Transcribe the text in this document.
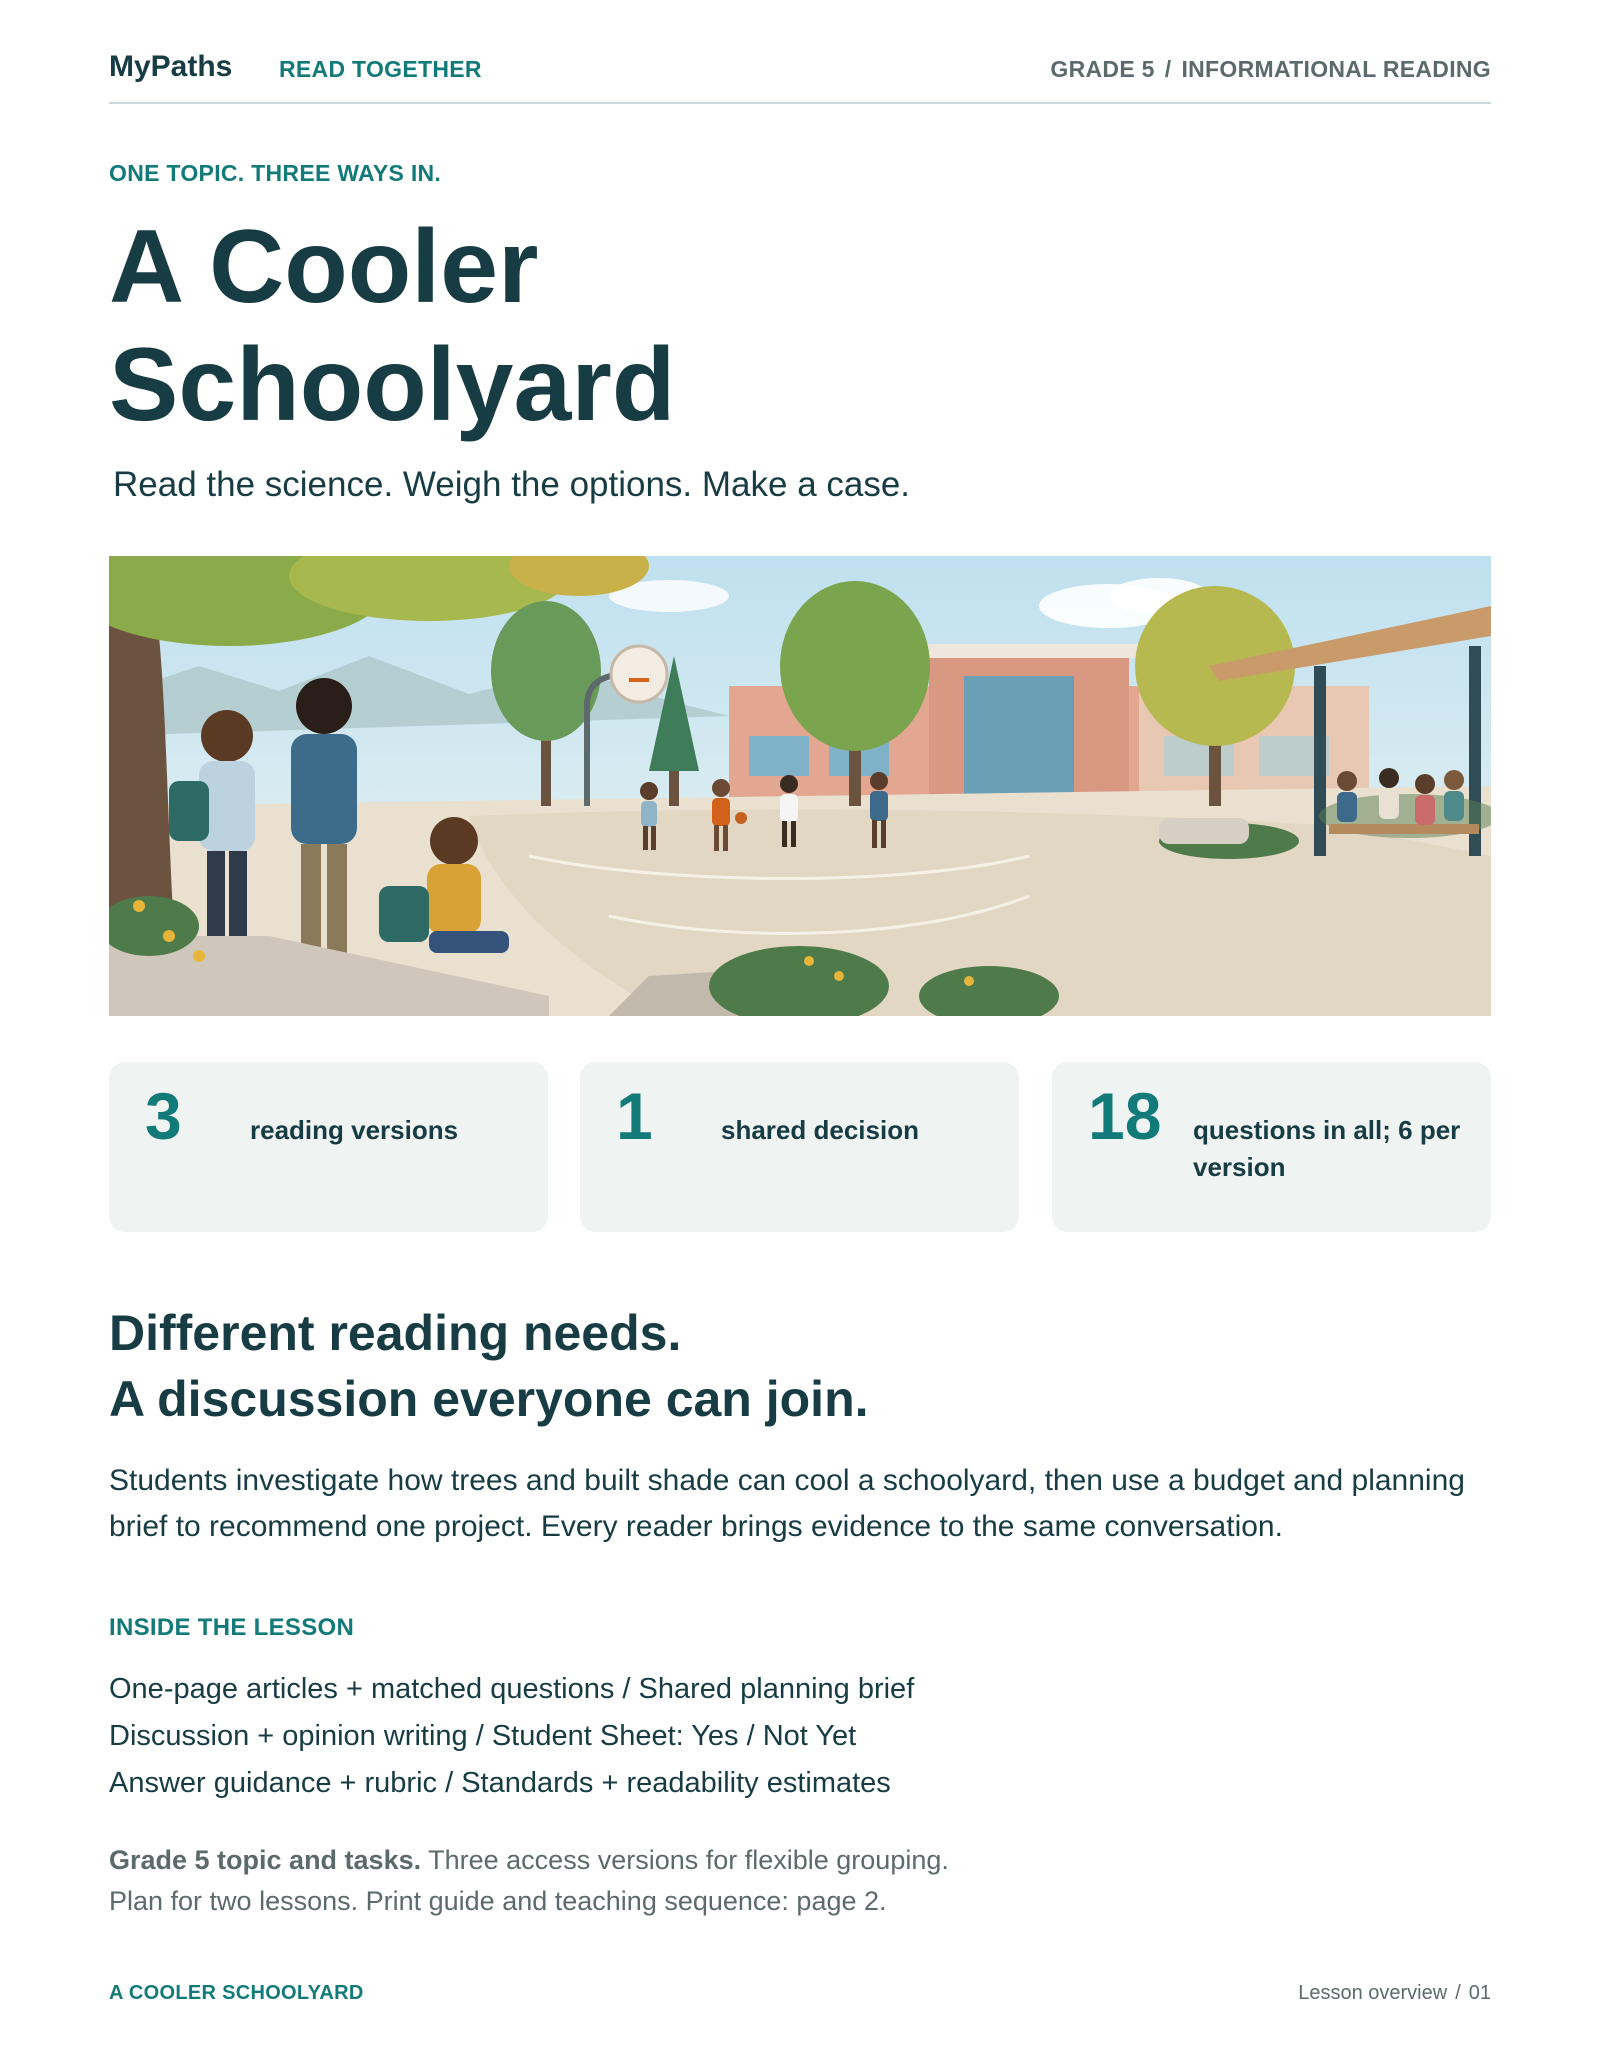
MyPaths READ TOGETHER	GRADE 5 / INFORMATIONAL READING
ONE TOPIC. THREE WAYS IN.
A Cooler
Schoolyard
Read the science. Weigh the options. Make a case.
3	reading versions	1	shared decision	18 questions in all; 6 per version
Different reading needs.
A discussion everyone can join.

Students investigate how trees and built shade can cool a schoolyard, then use a budget and planning brief to recommend one project. Every reader brings evidence to the same conversation.

INSIDE THE LESSON
One-page articles + matched questions / Shared planning brief
Discussion + opinion writing / Student Sheet: Yes / Not Yet
Answer guidance + rubric / Standards + readability estimates

Grade 5 topic and tasks. Three access versions for flexible grouping.
Plan for two lessons. Print guide and teaching sequence: page 2.

A COOLER SCHOOLYARD	Lesson overview / 01
